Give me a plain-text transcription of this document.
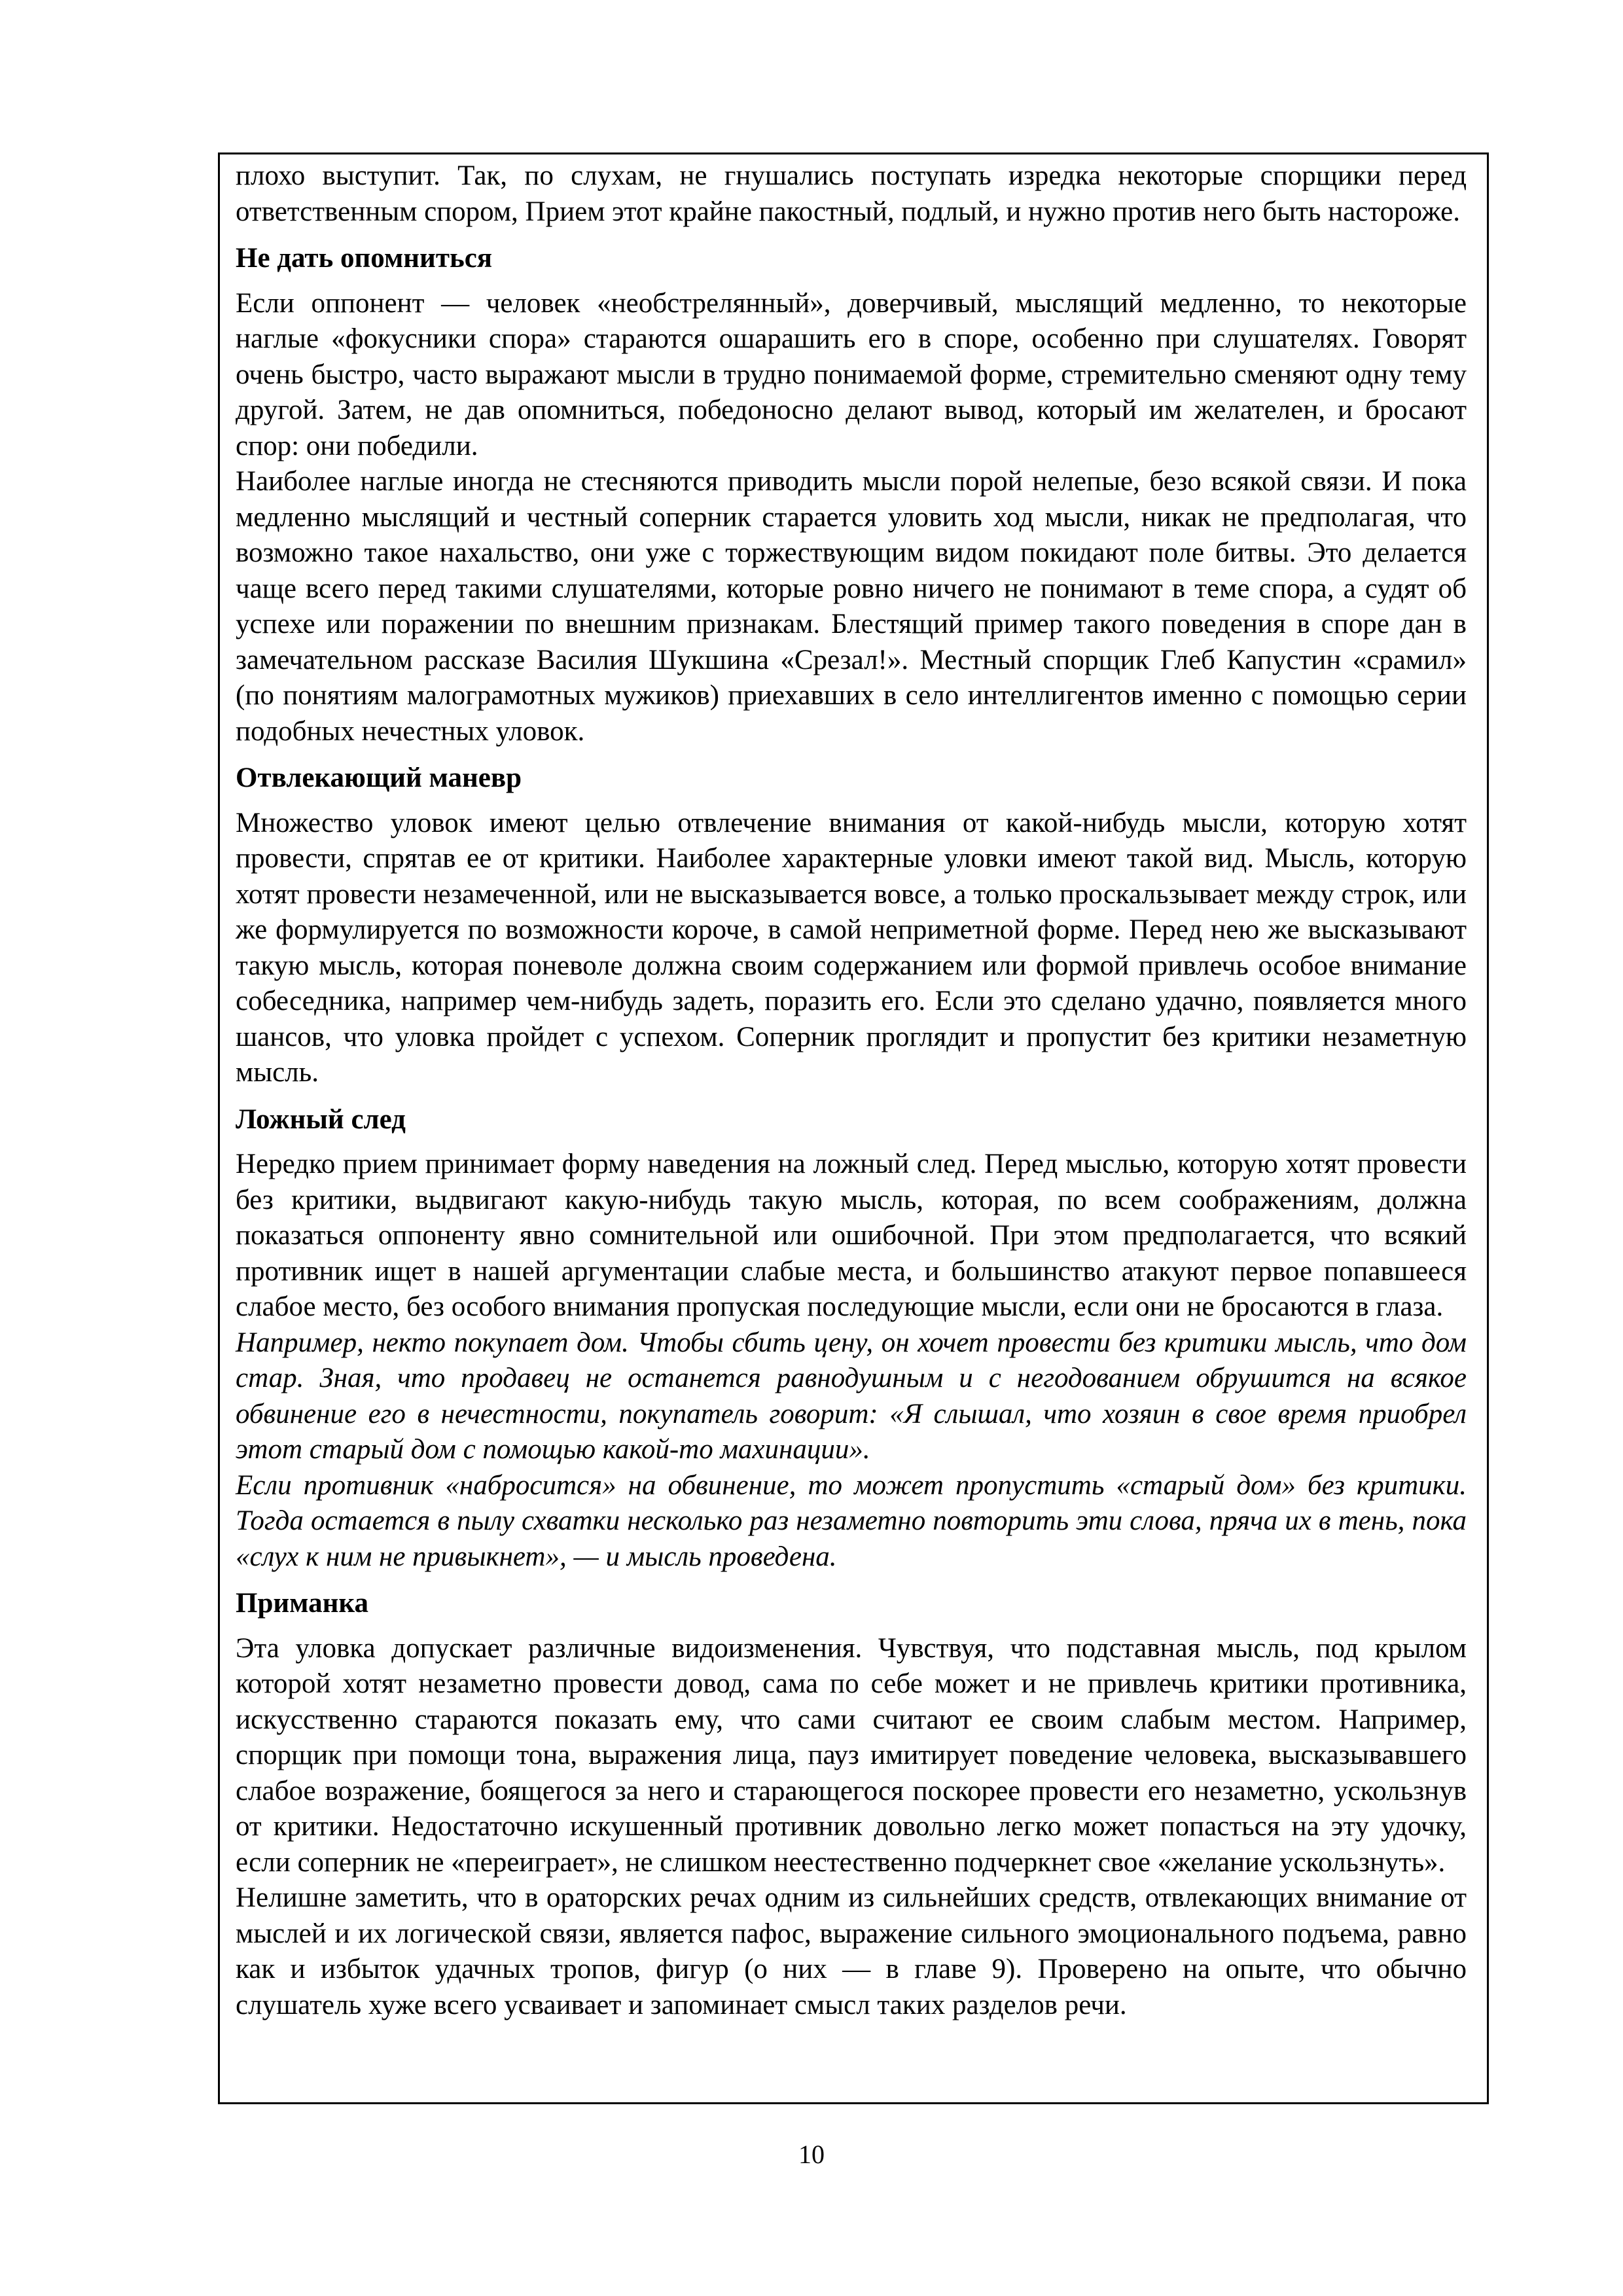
плохо выступит. Так, по слухам, не гнушались поступать изредка некоторые спорщики перед ответственным спором, Прием этот крайне пакостный, подлый, и нужно против него быть настороже.

Не дать опомниться

Если оппонент — человек «необстрелянный», доверчивый, мыслящий медленно, то некоторые наглые «фокусники спора» стараются ошарашить его в споре, особенно при слушателях. Говорят очень быстро, часто выражают мысли в трудно понимаемой форме, стремительно сменяют одну тему другой. Затем, не дав опомниться, победоносно делают вывод, который им желателен, и бросают спор: они победили.

Наиболее наглые иногда не стесняются приводить мысли порой нелепые, безо всякой связи. И пока медленно мыслящий и честный соперник старается уловить ход мысли, никак не предполагая, что возможно такое нахальство, они уже с торжествующим видом покидают поле битвы. Это делается чаще всего перед такими слушателями, которые ровно ничего не понимают в теме спора, а судят об успехе или поражении по внешним признакам. Блестящий пример такого поведения в споре дан в замечательном рассказе Василия Шукшина «Срезал!». Местный спорщик Глеб Капустин «срамил» (по понятиям малограмотных мужиков) приехавших в село интеллигентов именно с помощью серии подобных нечестных уловок.

Отвлекающий маневр

Множество уловок имеют целью отвлечение внимания от какой-нибудь мысли, которую хотят провести, спрятав ее от критики. Наиболее характерные уловки имеют такой вид. Мысль, которую хотят провести незамеченной, или не высказывается вовсе, а только проскальзывает между строк, или же формулируется по возможности короче, в самой неприметной форме. Перед нею же высказывают такую мысль, которая поневоле должна своим содержанием или формой привлечь особое внимание собеседника, например чем-нибудь задеть, поразить его. Если это сделано удачно, появляется много шансов, что уловка пройдет с успехом. Соперник проглядит и пропустит без критики незаметную мысль.

Ложный след

Нередко прием принимает форму наведения на ложный след. Перед мыслью, которую хотят провести без критики, выдвигают какую-нибудь такую мысль, которая, по всем соображениям, должна показаться оппоненту явно сомнительной или ошибочной. При этом предполагается, что всякий противник ищет в нашей аргументации слабые места, и большинство атакуют первое попавшееся слабое место, без особого внимания пропуская последующие мысли, если они не бросаются в глаза.

Например, некто покупает дом. Чтобы сбить цену, он хочет провести без критики мысль, что дом стар. Зная, что продавец не останется равнодушным и с негодованием обрушится на всякое обвинение его в нечестности, покупатель говорит: «Я слышал, что хозяин в свое время приобрел этот старый дом с помощью какой-то махинации».

Если противник «набросится» на обвинение, то может пропустить «старый дом» без критики. Тогда остается в пылу схватки несколько раз незаметно повторить эти слова, пряча их в тень, пока «слух к ним не привыкнет», — и мысль проведена.

Приманка

Эта уловка допускает различные видоизменения. Чувствуя, что подставная мысль, под крылом которой хотят незаметно провести довод, сама по себе может и не привлечь критики противника, искусственно стараются показать ему, что сами считают ее своим слабым местом. Например, спорщик при помощи тона, выражения лица, пауз имитирует поведение человека, высказывавшего слабое возражение, боящегося за него и старающегося поскорее провести его незаметно, ускользнув от критики. Недостаточно искушенный противник довольно легко может попасться на эту удочку, если соперник не «переиграет», не слишком неестественно подчеркнет свое «желание ускользнуть».

Нелишне заметить, что в ораторских речах одним из сильнейших средств, отвлекающих внимание от мыслей и их логической связи, является пафос, выражение сильного эмоционального подъема, равно как и избыток удачных тропов, фигур (о них — в главе 9). Проверено на опыте, что обычно слушатель хуже всего усваивает и запоминает смысл таких разделов речи.

10
